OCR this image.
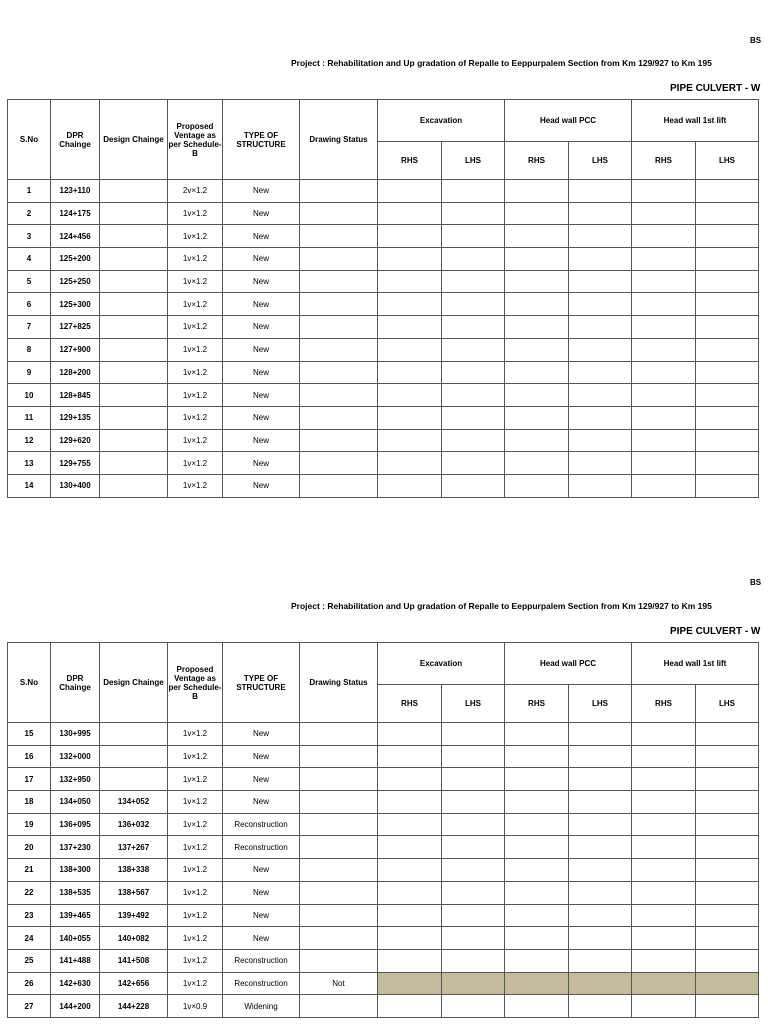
BS
Project : Rehabilitation and Up gradation of Repalle to Eeppurpalem Section from Km 129/927 to Km 195
PIPE CULVERT - W
S.No	DPR Chainge	Design Chainge	Proposed Ventage as per Schedule-B	TYPE OF STRUCTURE	Drawing Status	Excavation		Head wall PCC		Head wall 1st lift	
						RHS	LHS	RHS	LHS	RHS	LHS
1	123+110		2v×1.2	New							
2	124+175		1v×1.2	New							
3	124+456		1v×1.2	New							
4	125+200		1v×1.2	New							
5	125+250		1v×1.2	New							
6	125+300		1v×1.2	New							
7	127+825		1v×1.2	New							
8	127+900		1v×1.2	New							
9	128+200		1v×1.2	New							
10	128+845		1v×1.2	New							
11	129+135		1v×1.2	New							
12	129+620		1v×1.2	New							
13	129+755		1v×1.2	New							
14	130+400		1v×1.2	New							
BS
Project : Rehabilitation and Up gradation of Repalle to Eeppurpalem Section from Km 129/927 to Km 195
PIPE CULVERT - W
S.No	DPR Chainge	Design Chainge	Proposed Ventage as per Schedule-B	TYPE OF STRUCTURE	Drawing Status	Excavation		Head wall PCC		Head wall 1st lift	
						RHS	LHS	RHS	LHS	RHS	LHS
15	130+995		1v×1.2	New							
16	132+000		1v×1.2	New							
17	132+950		1v×1.2	New							
18	134+050	134+052	1v×1.2	New							
19	136+095	136+032	1v×1.2	Reconstruction							
20	137+230	137+267	1v×1.2	Reconstruction							
21	138+300	138+338	1v×1.2	New							
22	138+535	138+567	1v×1.2	New							
23	139+465	139+492	1v×1.2	New							
24	140+055	140+082	1v×1.2	New							
25	141+488	141+508	1v×1.2	Reconstruction							
26	142+630	142+656	1v×1.2	Reconstruction	Not						
27	144+200	144+228	1v×0.9	Widening							
